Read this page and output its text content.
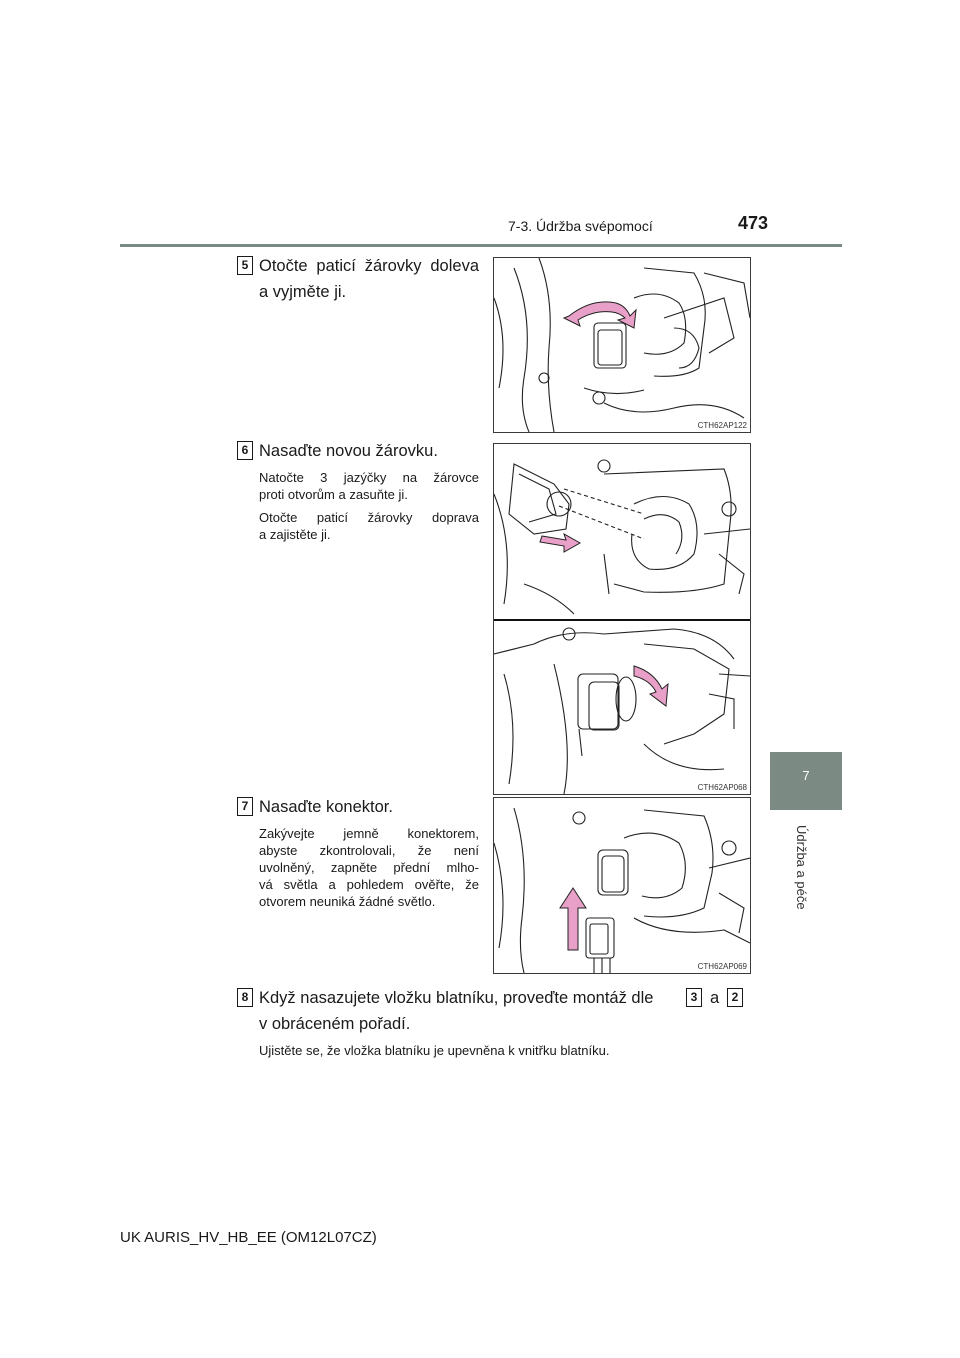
7-3. Údržba svépomocí	473
7
Údržba a péče
5 Otočte paticí žárovky doleva
a vyjměte ji.
CTH62AP122
6 Nasaďte novou žárovku.
Natočte 3 jazýčky na žárovce
proti otvorům a zasuňte ji.
Otočte paticí žárovky doprava
a zajistěte ji.
CTH62AP068
7 Nasaďte konektor.
Zakývejte jemně konektorem,
abyste zkontrolovali, že není
uvolněný, zapněte přední mlho-
vá světla a pohledem ověřte, že
otvorem neuniká žádné světlo.
CTH62AP069
8 Když nasazujete vložku blatníku, proveďte montáž dle	3 a	2
v obráceném pořadí.
Ujistěte se, že vložka blatníku je upevněna k vnitřku blatníku.
UK AURIS_HV_HB_EE (OM12L07CZ)
